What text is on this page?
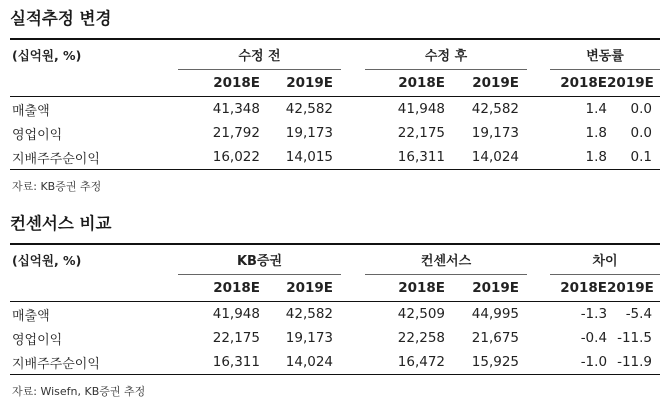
실적추정 변경
(십억원, %)	수정 전			수정 후			변동률	
	2018E	2019E		2018E	2019E		2018E	2019E
매출액	41,348	42,582		41,948	42,582		1.4	0.0
영업이익	21,792	19,173		22,175	19,173		1.8	0.0
지배주주순이익	16,022	14,015		16,311	14,024		1.8	0.1
자료: KB증권 추정
컨센서스 비교
(십억원, %)	KB증권			컨센서스			차이	
	2018E	2019E		2018E	2019E		2018E	2019E
매출액	41,948	42,582		42,509	44,995		-1.3	-5.4
영업이익	22,175	19,173		22,258	21,675		-0.4	-11.5
지배주주순이익	16,311	14,024		16,472	15,925		-1.0	-11.9
자료: Wisefn, KB증권 추정
